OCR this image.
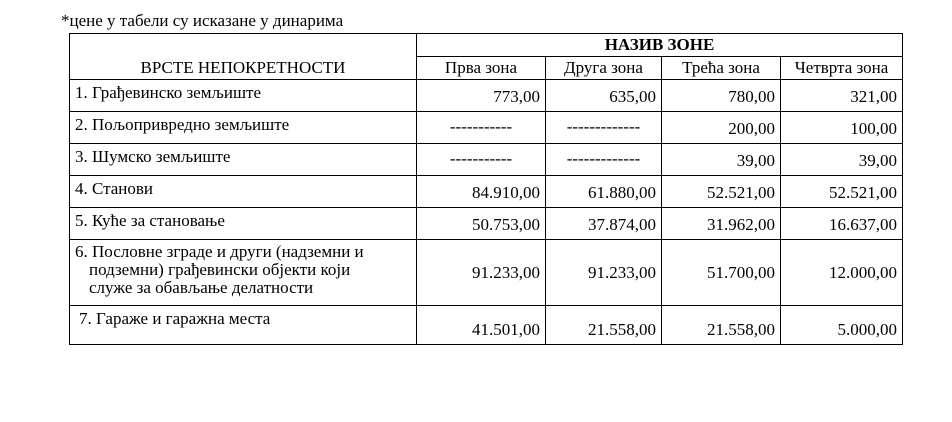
*цене у табели су исказане у динарима
ВРСТЕ НЕПОКРЕТНОСТИ	НАЗИВ ЗОНЕ			
	Прва зона	Друга зона	Трећа зона	Четврта зона
1. Грађевинско земљиште	773,00	635,00	780,00	321,00
2. Пољопривредно земљиште	-----------	-------------	200,00	100,00
3. Шумско земљиште	-----------	-------------	39,00	39,00
4. Станови	84.910,00	61.880,00	52.521,00	52.521,00
5. Куће за становање	50.753,00	37.874,00	31.962,00	16.637,00
6. Пословне зграде и други (надземни и
подземни) грађевински објекти који
служе за обављање делатности	91.233,00	91.233,00	51.700,00	12.000,00
7. Гараже и гаражна места	41.501,00	21.558,00	21.558,00	5.000,00
